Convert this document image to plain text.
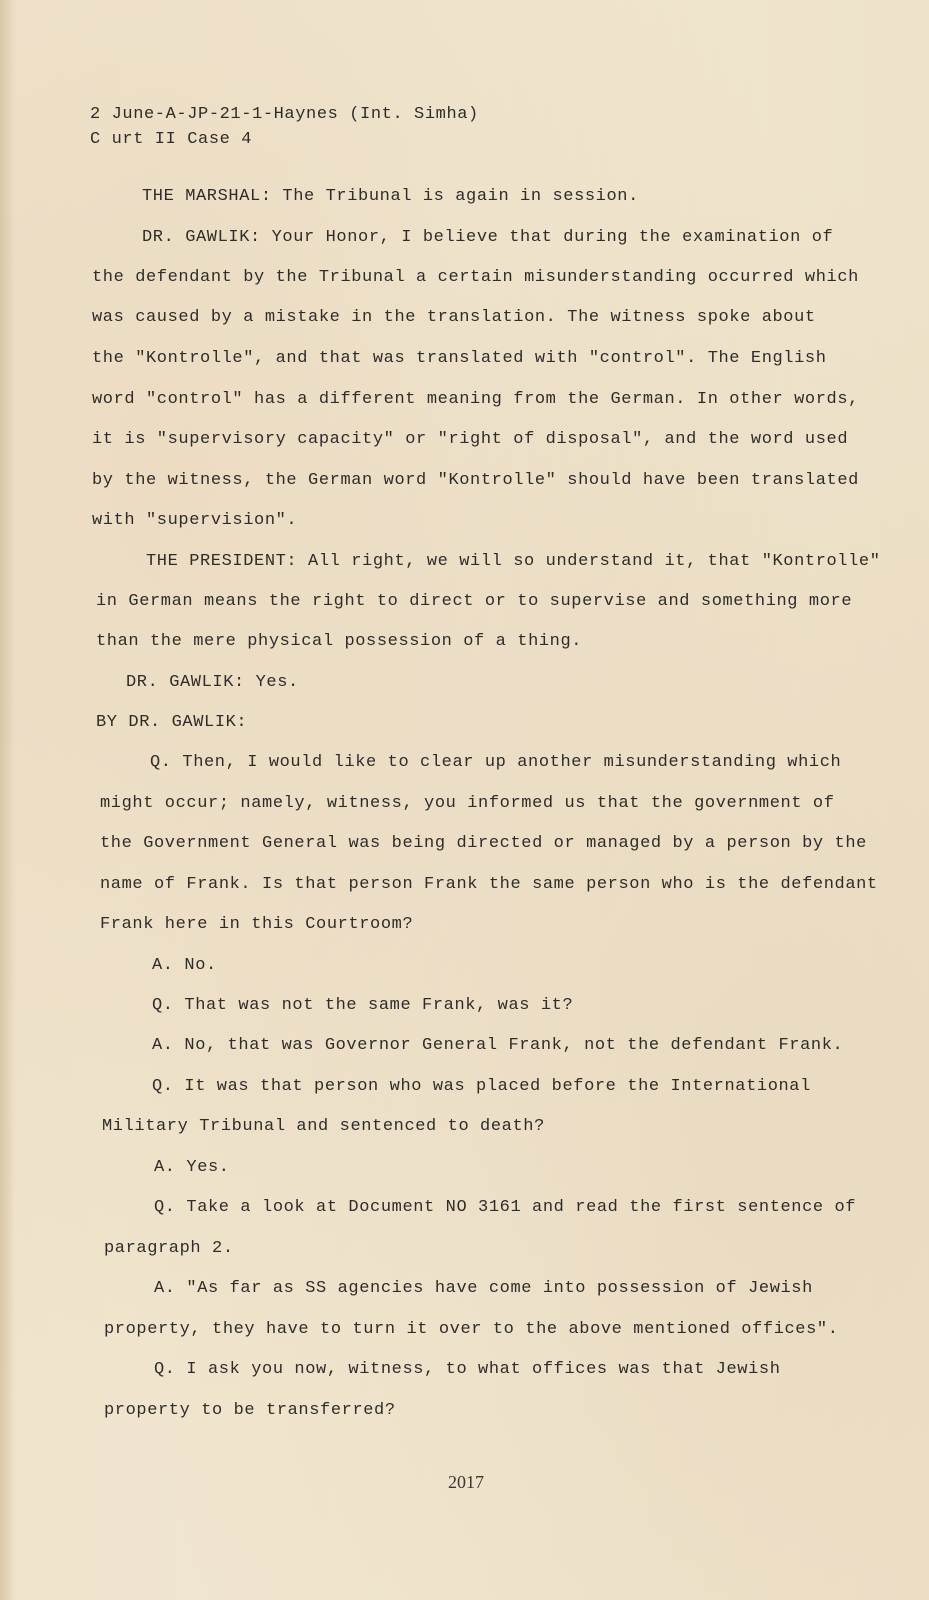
2 June-A-JP-21-1-Haynes (Int. Simha)
C urt II Case 4
THE MARSHAL: The Tribunal is again in session.
DR. GAWLIK: Your Honor, I believe that during the examination of
the defendant by the Tribunal a certain misunderstanding occurred which
was caused by a mistake in the translation. The witness spoke about
the "Kontrolle", and that was translated with "control". The English
word "control" has a different meaning from the German. In other words,
it is "supervisory capacity" or "right of disposal", and the word used
by the witness, the German word "Kontrolle" should have been translated
with "supervision".
THE PRESIDENT: All right, we will so understand it, that "Kontrolle"
in German means the right to direct or to supervise and something more
than the mere physical possession of a thing.
DR. GAWLIK: Yes.
BY DR. GAWLIK:
Q. Then, I would like to clear up another misunderstanding which
might occur; namely, witness, you informed us that the government of
the Government General was being directed or managed by a person by the
name of Frank. Is that person Frank the same person who is the defendant
Frank here in this Courtroom?
A. No.
Q. That was not the same Frank, was it?
A. No, that was Governor General Frank, not the defendant Frank.
Q. It was that person who was placed before the International
Military Tribunal and sentenced to death?
A. Yes.
Q. Take a look at Document NO 3161 and read the first sentence of
paragraph 2.
A. "As far as SS agencies have come into possession of Jewish
property, they have to turn it over to the above mentioned offices".
Q. I ask you now, witness, to what offices was that Jewish
property to be transferred?
2017
